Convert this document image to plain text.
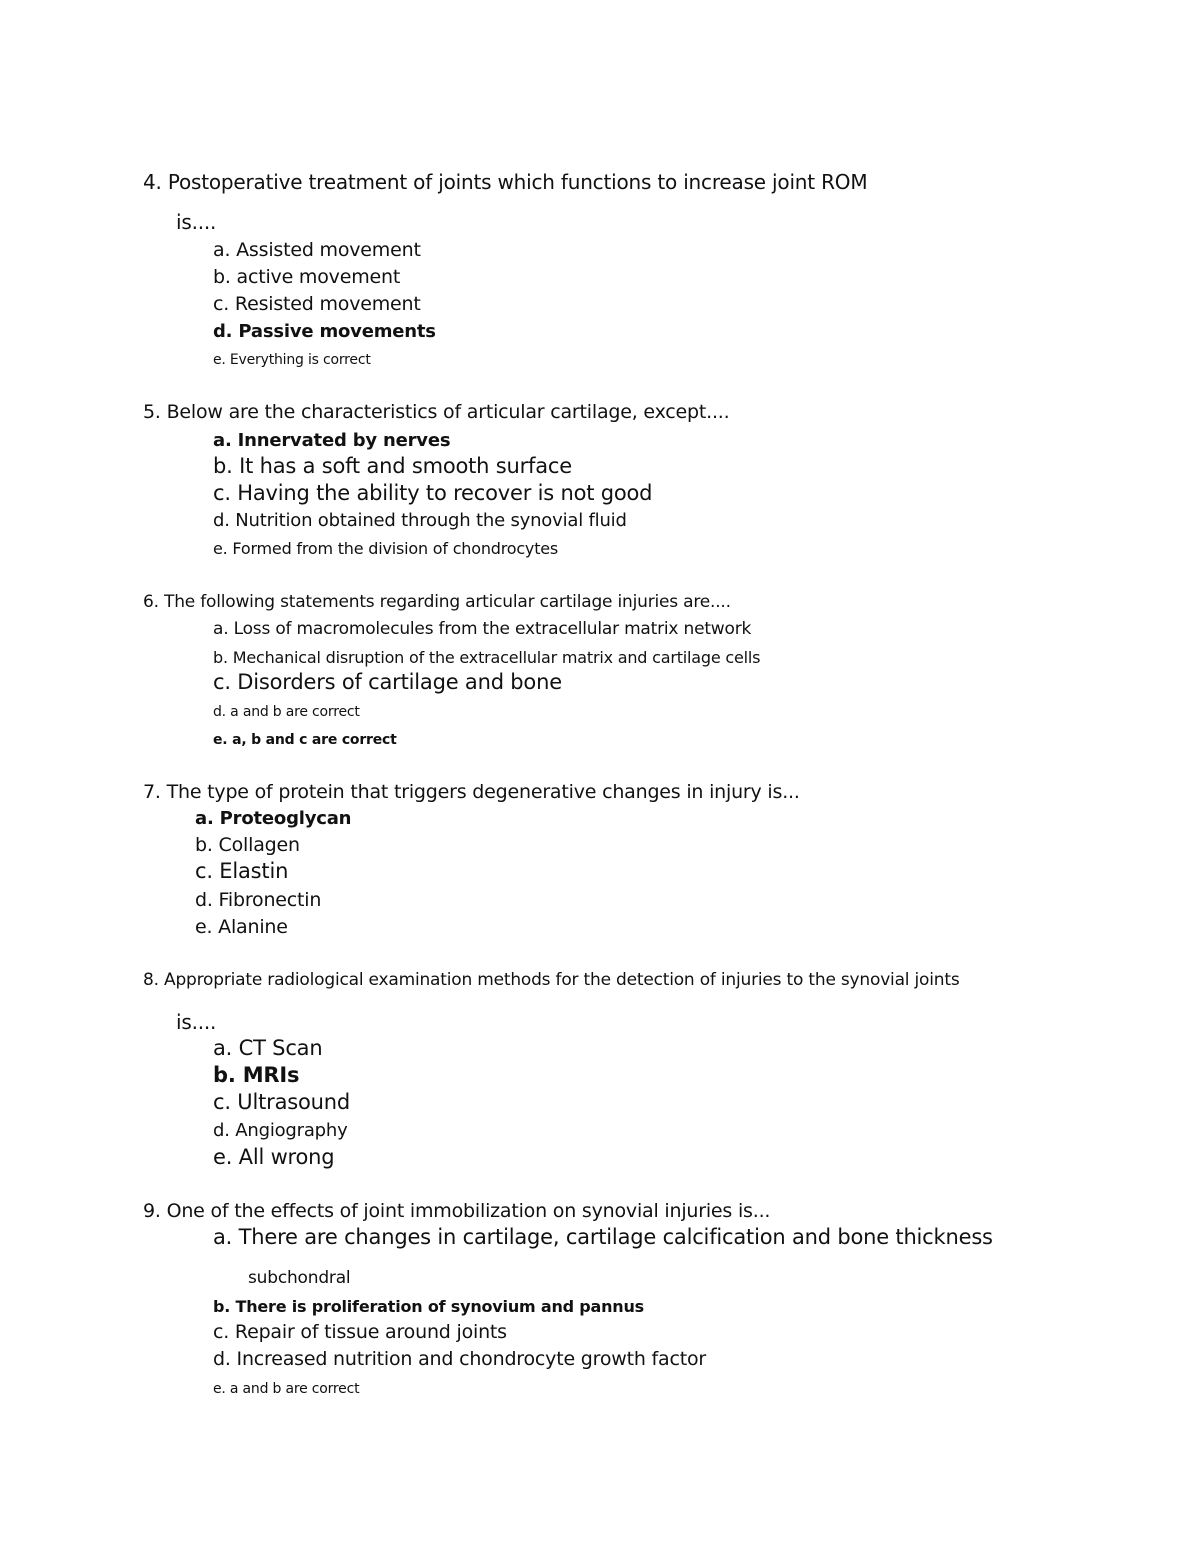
4. Postoperative treatment of joints which functions to increase joint ROM
is....
a. Assisted movement
b. active movement
c. Resisted movement
d. Passive movements
e. Everything is correct
5. Below are the characteristics of articular cartilage, except....
a. Innervated by nerves
b. It has a soft and smooth surface
c. Having the ability to recover is not good
d. Nutrition obtained through the synovial fluid
e. Formed from the division of chondrocytes
6. The following statements regarding articular cartilage injuries are....
a. Loss of macromolecules from the extracellular matrix network
b. Mechanical disruption of the extracellular matrix and cartilage cells
c. Disorders of cartilage and bone
d. a and b are correct
e. a, b and c are correct
7. The type of protein that triggers degenerative changes in injury is...
a. Proteoglycan
b. Collagen
c. Elastin
d. Fibronectin
e. Alanine
8. Appropriate radiological examination methods for the detection of injuries to the synovial joints
is....
a. CT Scan
b. MRIs
c. Ultrasound
d. Angiography
e. All wrong
9. One of the effects of joint immobilization on synovial injuries is...
a. There are changes in cartilage, cartilage calcification and bone thickness
subchondral
b. There is proliferation of synovium and pannus
c. Repair of tissue around joints
d. Increased nutrition and chondrocyte growth factor
e. a and b are correct
